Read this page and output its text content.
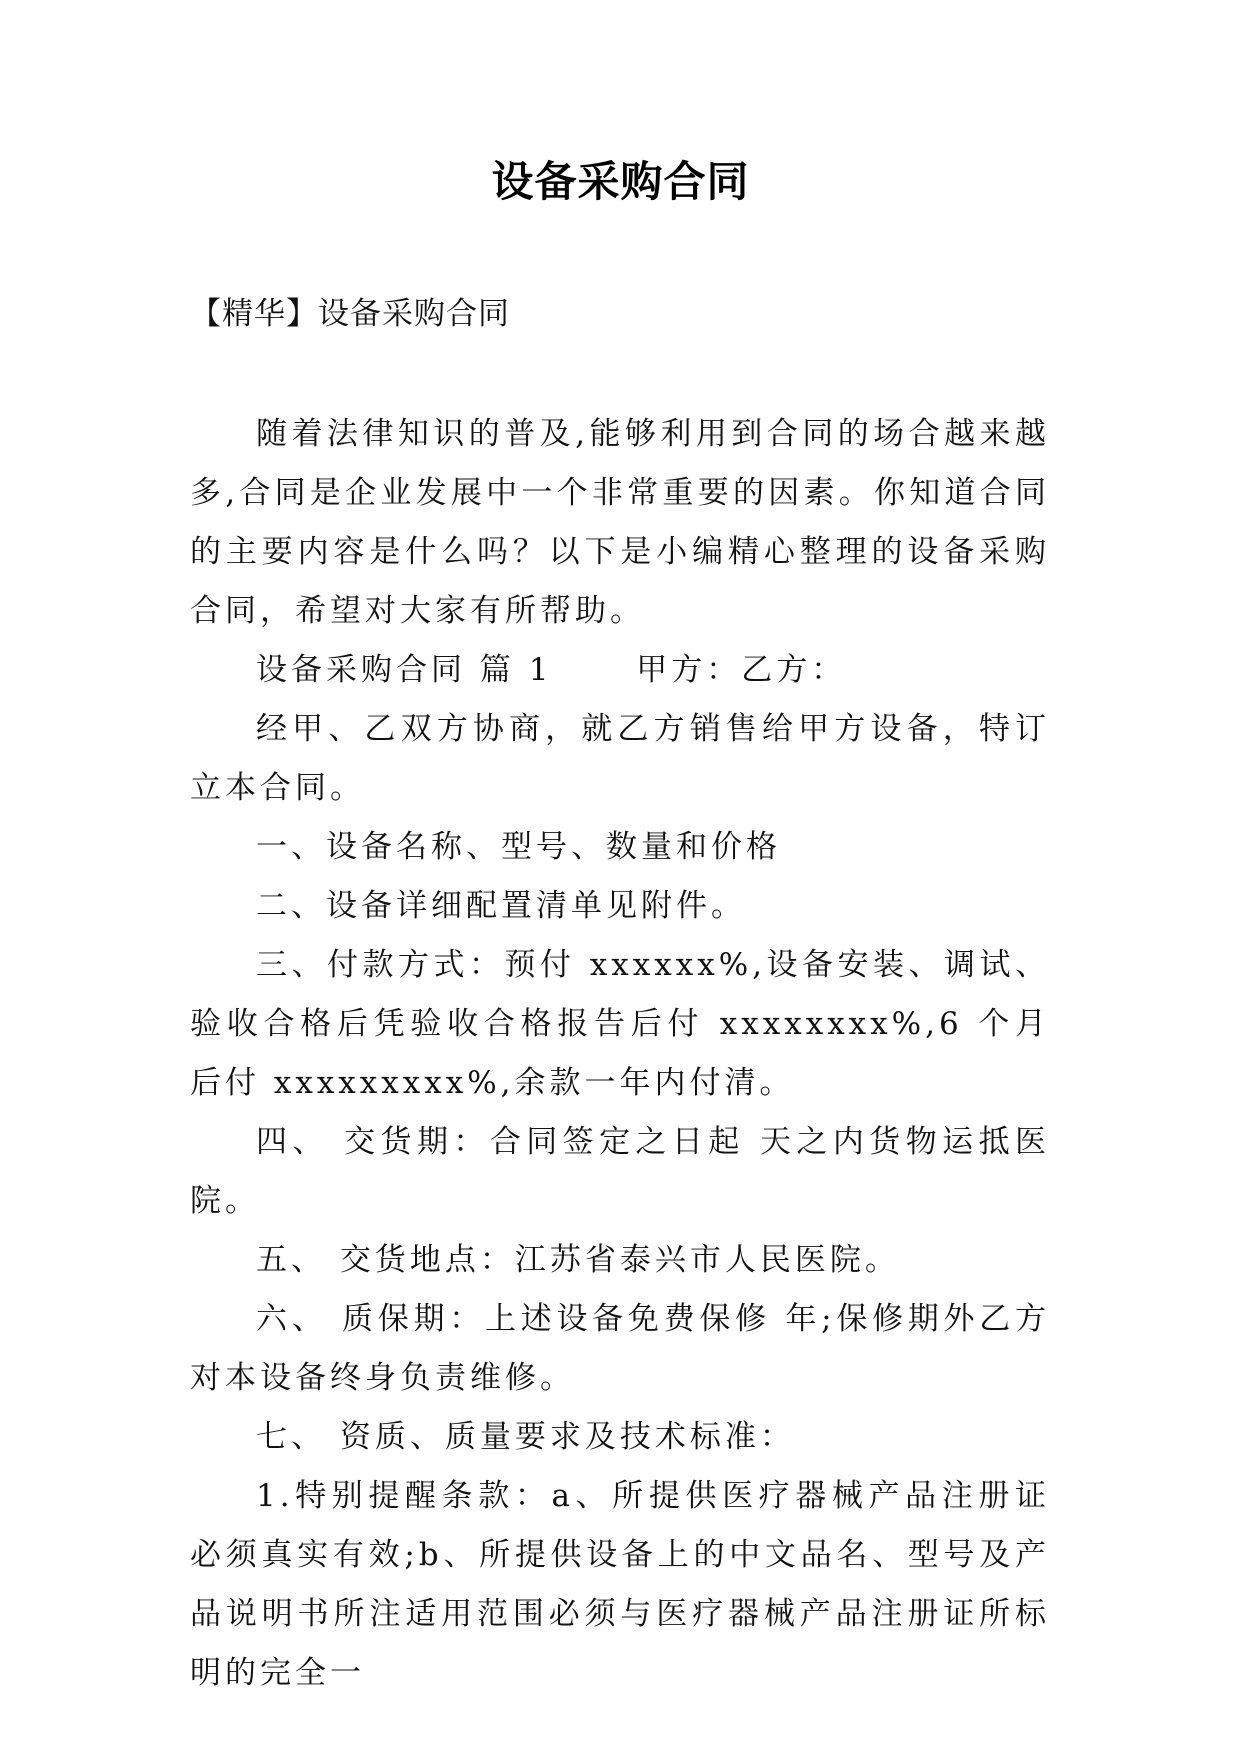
设备采购合同
【精华】设备采购合同

随着法律知识的普及,能够利用到合同的场合越来越多,合同是企业发展中一个非常重要的因素。你知道合同的主要内容是什么吗？以下是小编精心整理的设备采购合同，希望对大家有所帮助。

设备采购合同 篇 1 　　甲方：乙方：

经甲、乙双方协商，就乙方销售给甲方设备，特订立本合同。

一、设备名称、型号、数量和价格

二、设备详细配置清单见附件。

三、付款方式：预付 xxxxxx%,设备安装、调试、验收合格后凭验收合格报告后付 xxxxxxxx%,6 个月后付 xxxxxxxxx%,余款一年内付清。

四、 交货期：合同签定之日起 天之内货物运抵医院。

五、 交货地点：江苏省泰兴市人民医院。

六、 质保期：上述设备免费保修 年;保修期外乙方对本设备终身负责维修。

七、 资质、质量要求及技术标准：

1.特别提醒条款：a、所提供医疗器械产品注册证必须真实有效;b、所提供设备上的中文品名、型号及产品说明书所注适用范围必须与医疗器械产品注册证所标明的完全一
